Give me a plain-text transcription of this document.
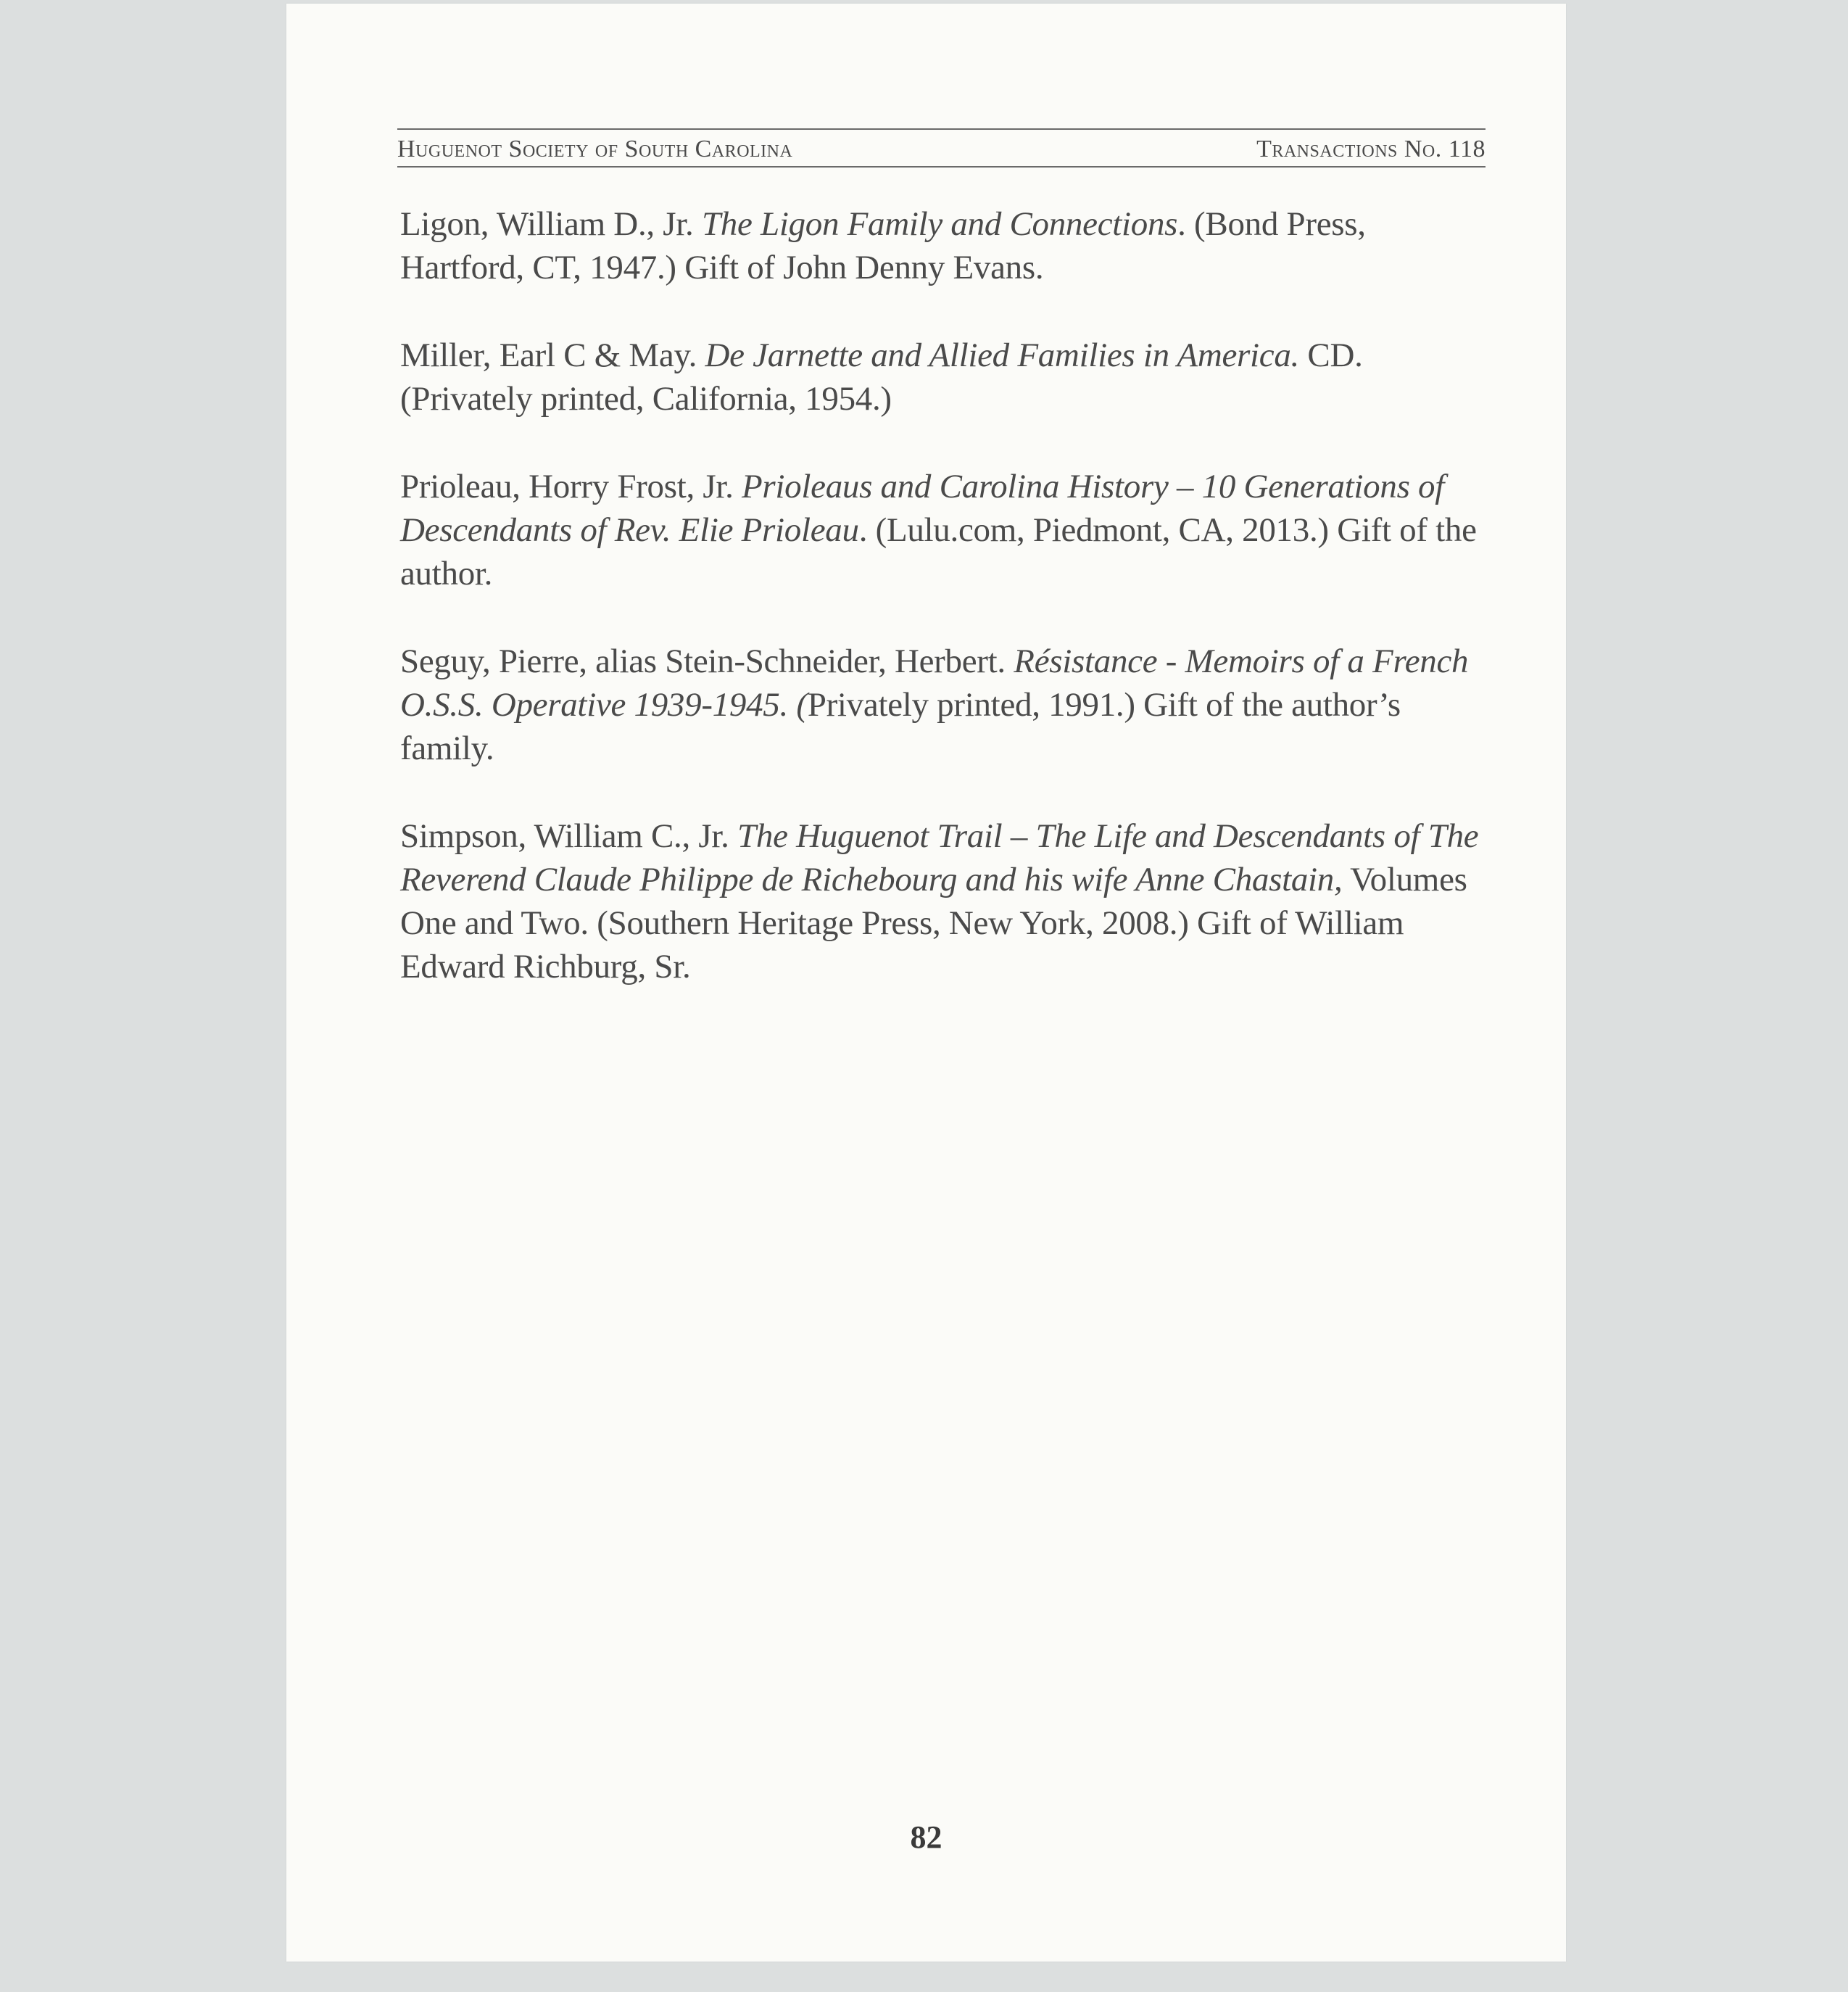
Huguenot Society of South Carolina	Transactions No. 118

Ligon, William D., Jr. The Ligon Family and Connections. (Bond Press, Hartford, CT, 1947.) Gift of John Denny Evans.

Miller, Earl C & May. De Jarnette and Allied Families in America. CD. (Privately printed, California, 1954.)

Prioleau, Horry Frost, Jr. Prioleaus and Carolina History – 10 Generations of Descendants of Rev. Elie Prioleau. (Lulu.com, Piedmont, CA, 2013.) Gift of the author.

Seguy, Pierre, alias Stein-Schneider, Herbert. Résistance - Memoirs of a French O.S.S. Operative 1939-1945. (Privately printed, 1991.) Gift of the author’s family.

Simpson, William C., Jr. The Huguenot Trail – The Life and Descendants of The Reverend Claude Philippe de Richebourg and his wife Anne Chastain, Volumes One and Two. (Southern Heritage Press, New York, 2008.) Gift of William Edward Richburg, Sr.

82
